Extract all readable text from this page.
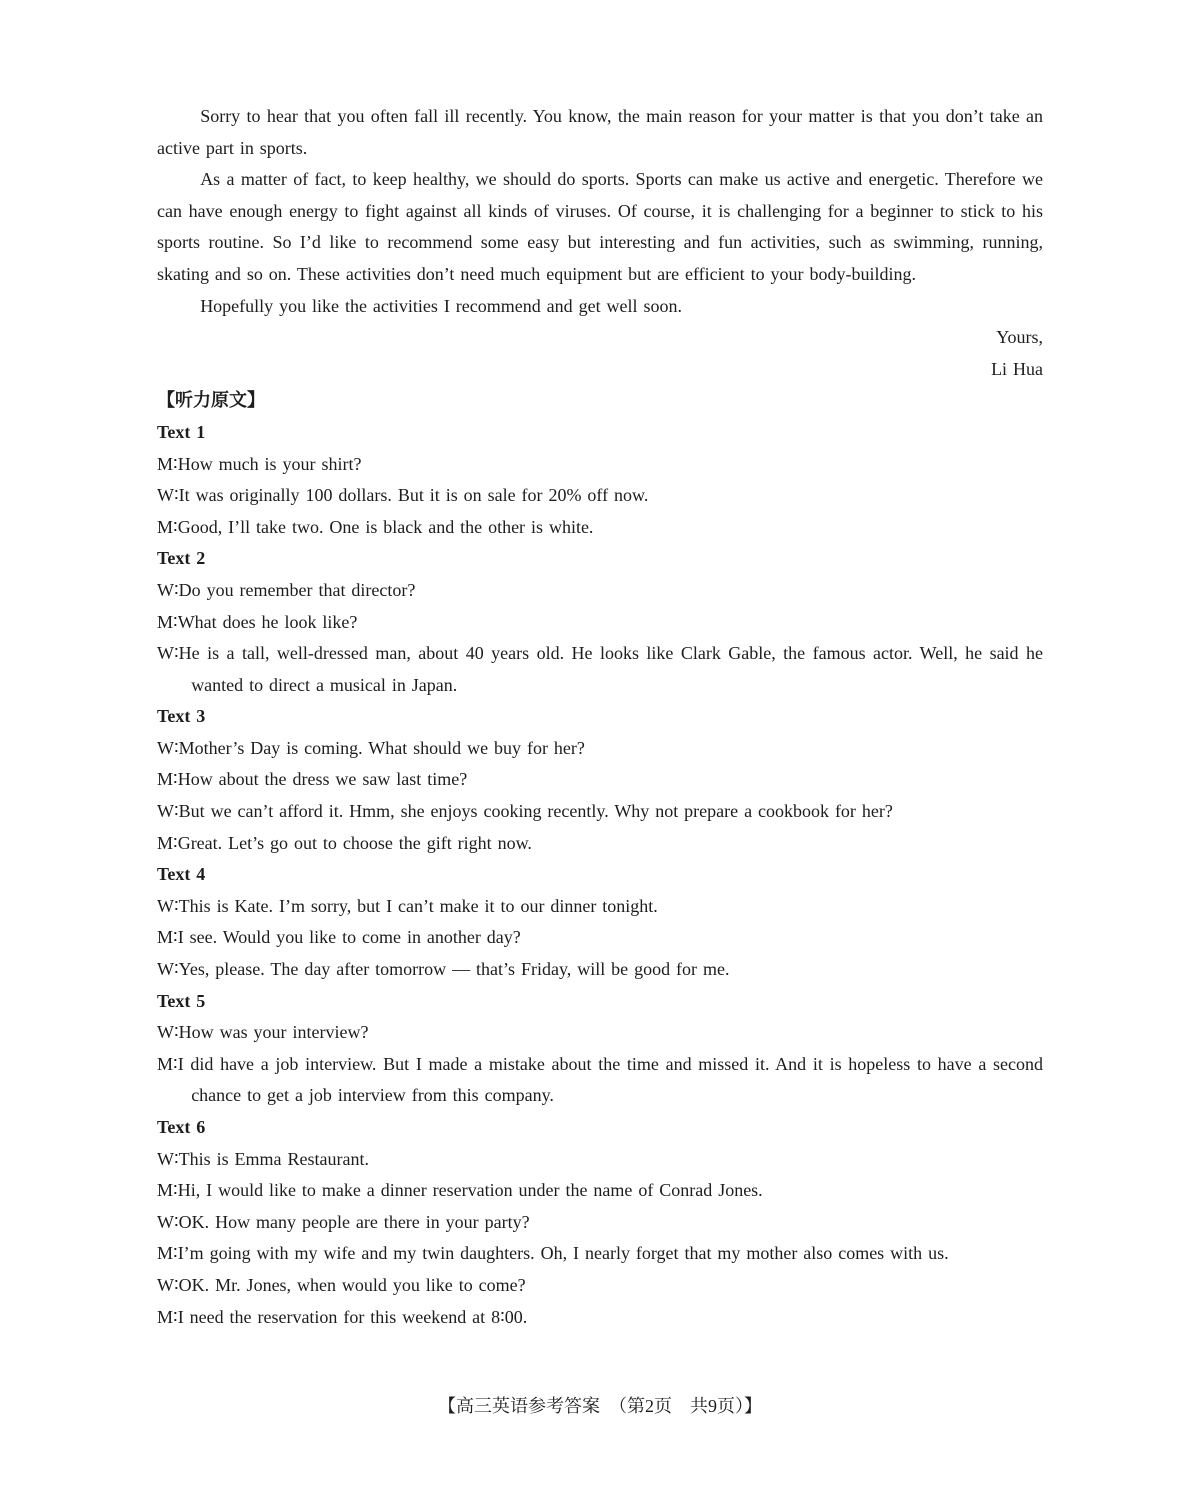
Sorry to hear that you often fall ill recently. You know, the main reason for your matter is that you don’t take an active part in sports.

As a matter of fact, to keep healthy, we should do sports. Sports can make us active and energetic. Therefore we can have enough energy to fight against all kinds of viruses. Of course, it is challenging for a beginner to stick to his sports routine. So I’d like to recommend some easy but interesting and fun activities, such as swimming, running, skating and so on. These activities don’t need much equipment but are efficient to your body-building.

Hopefully you like the activities I recommend and get well soon.

Yours,

Li Hua

【听力原文】
Text 1
M∶How much is your shirt?
W∶It was originally 100 dollars. But it is on sale for 20% off now.
M∶Good, I’ll take two. One is black and the other is white.
Text 2
W∶Do you remember that director?
M∶What does he look like?
W∶He is a tall, well-dressed man, about 40 years old. He looks like Clark Gable, the famous actor. Well, he said he wanted to direct a musical in Japan.
Text 3
W∶Mother’s Day is coming. What should we buy for her?
M∶How about the dress we saw last time?
W∶But we can’t afford it. Hmm, she enjoys cooking recently. Why not prepare a cookbook for her?
M∶Great. Let’s go out to choose the gift right now.
Text 4
W∶This is Kate. I’m sorry, but I can’t make it to our dinner tonight.
M∶I see. Would you like to come in another day?
W∶Yes, please. The day after tomorrow — that’s Friday, will be good for me.
Text 5
W∶How was your interview?
M∶I did have a job interview. But I made a mistake about the time and missed it. And it is hopeless to have a second chance to get a job interview from this company.
Text 6
W∶This is Emma Restaurant.
M∶Hi, I would like to make a dinner reservation under the name of Conrad Jones.
W∶OK. How many people are there in your party?
M∶I’m going with my wife and my twin daughters. Oh, I nearly forget that my mother also comes with us.
W∶OK. Mr. Jones, when would you like to come?
M∶I need the reservation for this weekend at 8∶00.
【高三英语参考答案　（第2页　共9页）】
